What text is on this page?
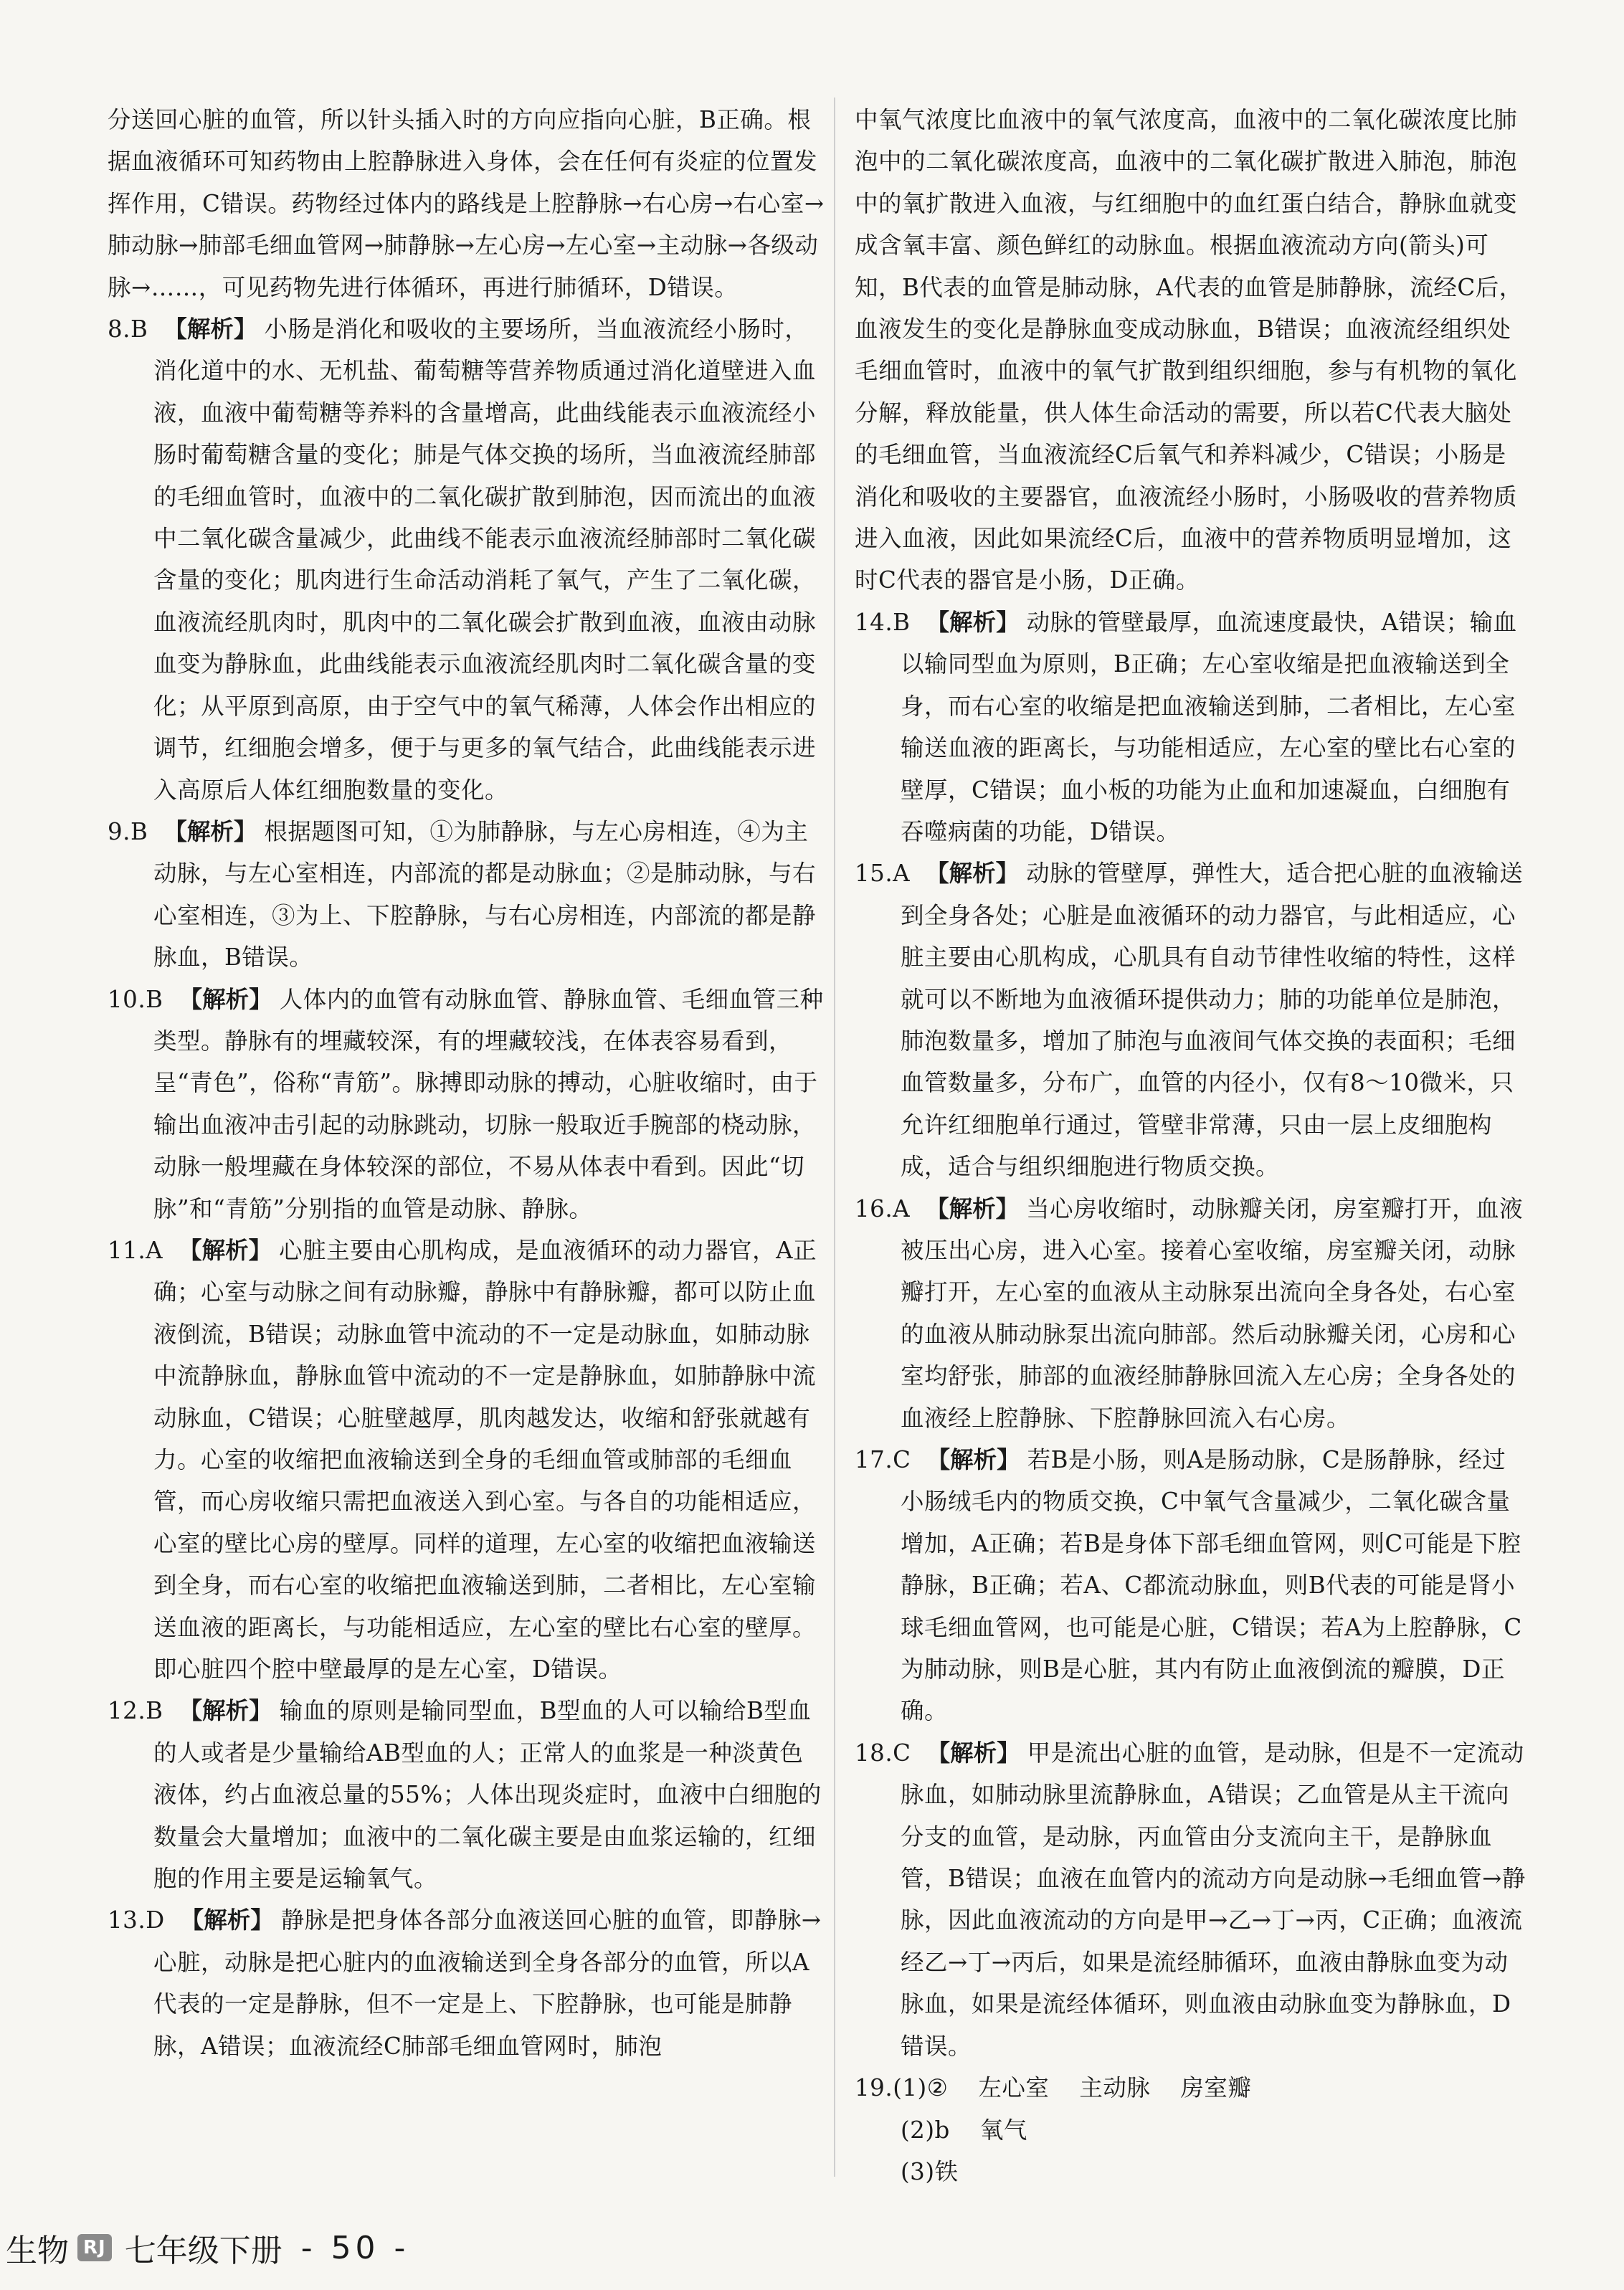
分送回心脏的血管，所以针头插入时的方向应指向心脏，B正确。根据血液循环可知药物由上腔静脉进入身体，会在任何有炎症的位置发挥作用，C错误。药物经过体内的路线是上腔静脉→右心房→右心室→肺动脉→肺部毛细血管网→肺静脉→左心房→左心室→主动脉→各级动脉→……，可见药物先进行体循环，再进行肺循环，D错误。

8.B 【解析】 小肠是消化和吸收的主要场所，当血液流经小肠时，消化道中的水、无机盐、葡萄糖等营养物质通过消化道壁进入血液，血液中葡萄糖等养料的含量增高，此曲线能表示血液流经小肠时葡萄糖含量的变化；肺是气体交换的场所，当血液流经肺部的毛细血管时，血液中的二氧化碳扩散到肺泡，因而流出的血液中二氧化碳含量减少，此曲线不能表示血液流经肺部时二氧化碳含量的变化；肌肉进行生命活动消耗了氧气，产生了二氧化碳，血液流经肌肉时，肌肉中的二氧化碳会扩散到血液，血液由动脉血变为静脉血，此曲线能表示血液流经肌肉时二氧化碳含量的变化；从平原到高原，由于空气中的氧气稀薄，人体会作出相应的调节，红细胞会增多，便于与更多的氧气结合，此曲线能表示进入高原后人体红细胞数量的变化。

9.B 【解析】 根据题图可知，①为肺静脉，与左心房相连，④为主动脉，与左心室相连，内部流的都是动脉血；②是肺动脉，与右心室相连，③为上、下腔静脉，与右心房相连，内部流的都是静脉血，B错误。

10.B 【解析】 人体内的血管有动脉血管、静脉血管、毛细血管三种类型。静脉有的埋藏较深，有的埋藏较浅，在体表容易看到，呈“青色”，俗称“青筋”。脉搏即动脉的搏动，心脏收缩时，由于输出血液冲击引起的动脉跳动，切脉一般取近手腕部的桡动脉，动脉一般埋藏在身体较深的部位，不易从体表中看到。因此“切脉”和“青筋”分别指的血管是动脉、静脉。

11.A 【解析】 心脏主要由心肌构成，是血液循环的动力器官，A正确；心室与动脉之间有动脉瓣，静脉中有静脉瓣，都可以防止血液倒流，B错误；动脉血管中流动的不一定是动脉血，如肺动脉中流静脉血，静脉血管中流动的不一定是静脉血，如肺静脉中流动脉血，C错误；心脏壁越厚，肌肉越发达，收缩和舒张就越有力。心室的收缩把血液输送到全身的毛细血管或肺部的毛细血管，而心房收缩只需把血液送入到心室。与各自的功能相适应，心室的壁比心房的壁厚。同样的道理，左心室的收缩把血液输送到全身，而右心室的收缩把血液输送到肺，二者相比，左心室输送血液的距离长，与功能相适应，左心室的壁比右心室的壁厚。即心脏四个腔中壁最厚的是左心室，D错误。

12.B 【解析】 输血的原则是输同型血，B型血的人可以输给B型血的人或者是少量输给AB型血的人；正常人的血浆是一种淡黄色液体，约占血液总量的55%；人体出现炎症时，血液中白细胞的数量会大量增加；血液中的二氧化碳主要是由血浆运输的，红细胞的作用主要是运输氧气。

13.D 【解析】 静脉是把身体各部分血液送回心脏的血管，即静脉→心脏，动脉是把心脏内的血液输送到全身各部分的血管，所以A代表的一定是静脉，但不一定是上、下腔静脉，也可能是肺静脉，A错误；血液流经C肺部毛细血管网时，肺泡

中氧气浓度比血液中的氧气浓度高，血液中的二氧化碳浓度比肺泡中的二氧化碳浓度高，血液中的二氧化碳扩散进入肺泡，肺泡中的氧扩散进入血液，与红细胞中的血红蛋白结合，静脉血就变成含氧丰富、颜色鲜红的动脉血。根据血液流动方向(箭头)可知，B代表的血管是肺动脉，A代表的血管是肺静脉，流经C后，血液发生的变化是静脉血变成动脉血，B错误；血液流经组织处毛细血管时，血液中的氧气扩散到组织细胞，参与有机物的氧化分解，释放能量，供人体生命活动的需要，所以若C代表大脑处的毛细血管，当血液流经C后氧气和养料减少，C错误；小肠是消化和吸收的主要器官，血液流经小肠时，小肠吸收的营养物质进入血液，因此如果流经C后，血液中的营养物质明显增加，这时C代表的器官是小肠，D正确。

14.B 【解析】 动脉的管壁最厚，血流速度最快，A错误；输血以输同型血为原则，B正确；左心室收缩是把血液输送到全身，而右心室的收缩是把血液输送到肺，二者相比，左心室输送血液的距离长，与功能相适应，左心室的壁比右心室的壁厚，C错误；血小板的功能为止血和加速凝血，白细胞有吞噬病菌的功能，D错误。

15.A 【解析】 动脉的管壁厚，弹性大，适合把心脏的血液输送到全身各处；心脏是血液循环的动力器官，与此相适应，心脏主要由心肌构成，心肌具有自动节律性收缩的特性，这样就可以不断地为血液循环提供动力；肺的功能单位是肺泡，肺泡数量多，增加了肺泡与血液间气体交换的表面积；毛细血管数量多，分布广，血管的内径小，仅有8～10微米，只允许红细胞单行通过，管壁非常薄，只由一层上皮细胞构成，适合与组织细胞进行物质交换。

16.A 【解析】 当心房收缩时，动脉瓣关闭，房室瓣打开，血液被压出心房，进入心室。接着心室收缩，房室瓣关闭，动脉瓣打开，左心室的血液从主动脉泵出流向全身各处，右心室的血液从肺动脉泵出流向肺部。然后动脉瓣关闭，心房和心室均舒张，肺部的血液经肺静脉回流入左心房；全身各处的血液经上腔静脉、下腔静脉回流入右心房。

17.C 【解析】 若B是小肠，则A是肠动脉，C是肠静脉，经过小肠绒毛内的物质交换，C中氧气含量减少，二氧化碳含量增加，A正确；若B是身体下部毛细血管网，则C可能是下腔静脉，B正确；若A、C都流动脉血，则B代表的可能是肾小球毛细血管网，也可能是心脏，C错误；若A为上腔静脉，C为肺动脉，则B是心脏，其内有防止血液倒流的瓣膜，D正确。

18.C 【解析】 甲是流出心脏的血管，是动脉，但是不一定流动脉血，如肺动脉里流静脉血，A错误；乙血管是从主干流向分支的血管，是动脉，丙血管由分支流向主干，是静脉血管，B错误；血液在血管内的流动方向是动脉→毛细血管→静脉，因此血液流动的方向是甲→乙→丁→丙，C正确；血液流经乙→丁→丙后，如果是流经肺循环，血液由静脉血变为动脉血，如果是流经体循环，则血液由动脉血变为静脉血，D错误。

19.(1)② 左心室 主动脉 房室瓣

(2)b 氧气

(3)铁

生物 RJ 七年级下册 - 50 -
